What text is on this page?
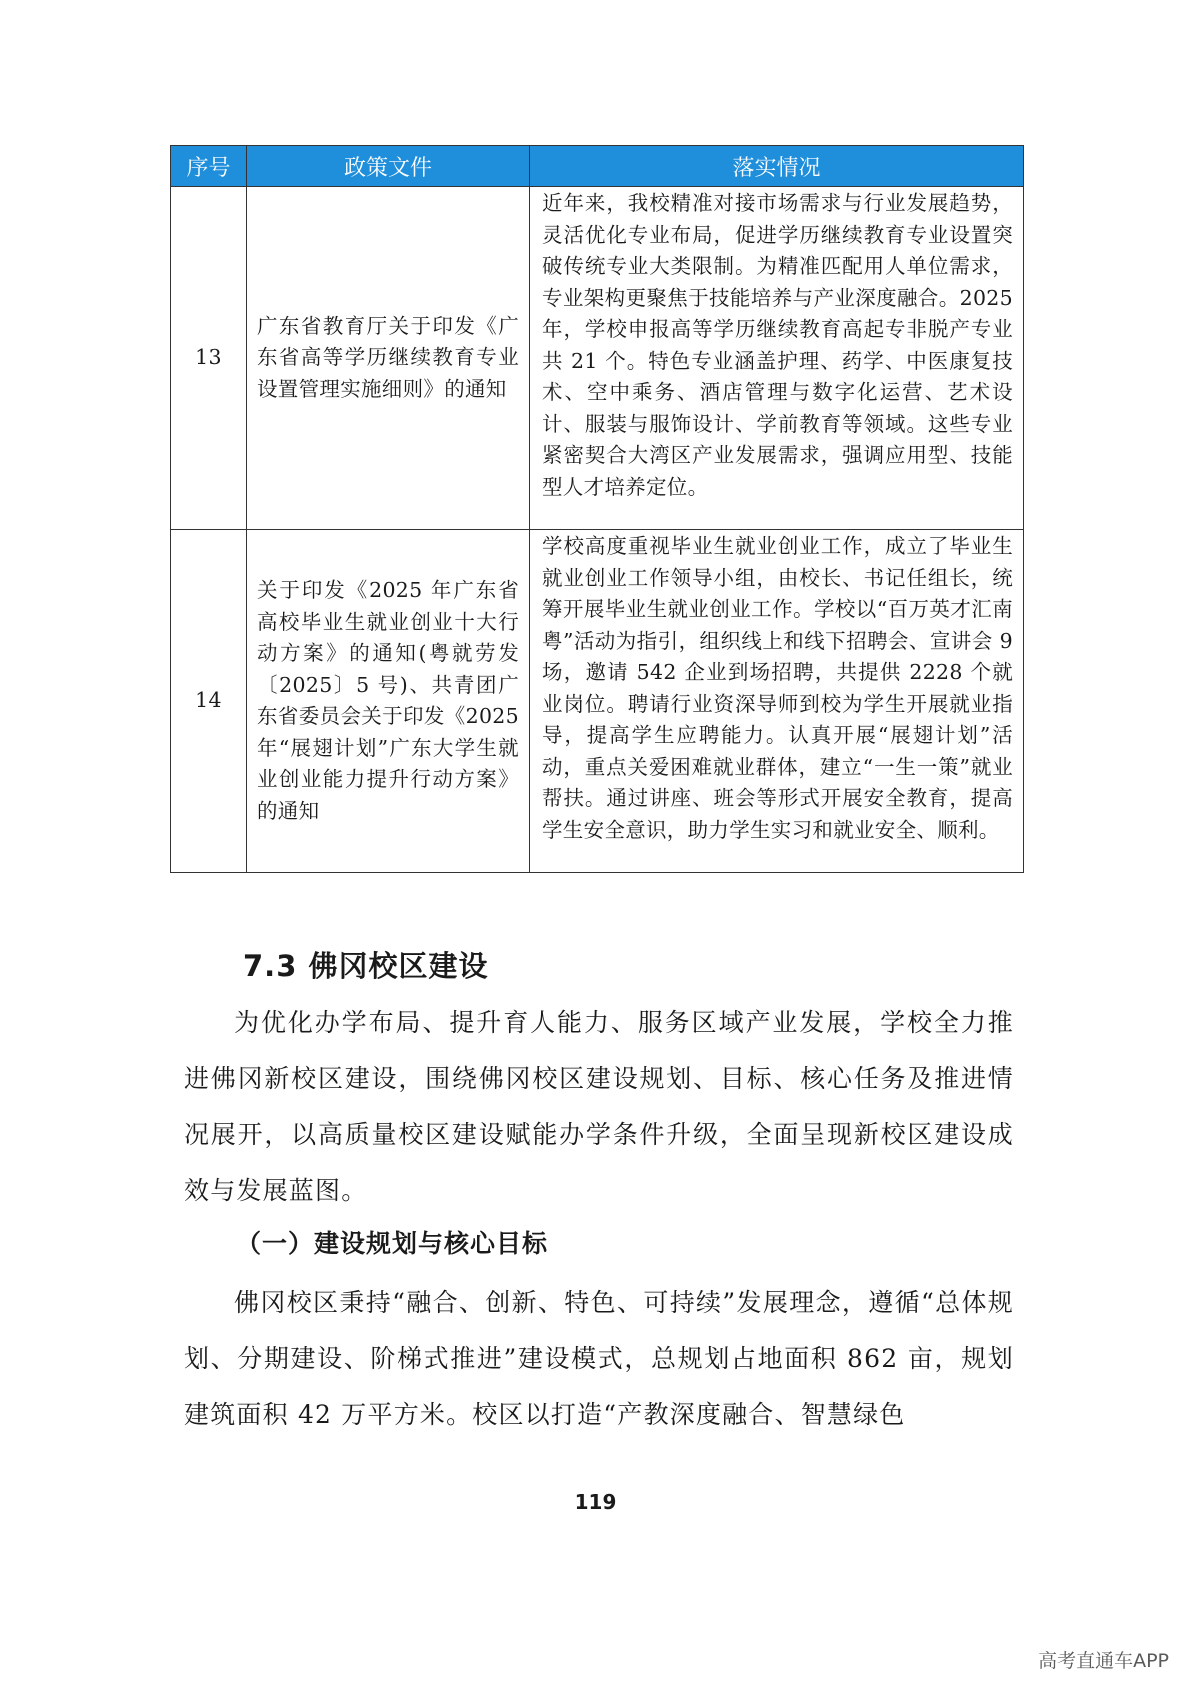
序号	政策文件	落实情况
13	广东省教育厅关于印发《广东省高等学历继续教育专业设置管理实施细则》的通知	近年来，我校精准对接市场需求与行业发展趋势，灵活优化专业布局，促进学历继续教育专业设置突破传统专业大类限制。为精准匹配用人单位需求，专业架构更聚焦于技能培养与产业深度融合。2025 年，学校申报高等学历继续教育高起专非脱产专业共 21 个。特色专业涵盖护理、药学、中医康复技术、空中乘务、酒店管理与数字化运营、艺术设计、服装与服饰设计、学前教育等领域。这些专业紧密契合大湾区产业发展需求，强调应用型、技能型人才培养定位。
14	关于印发《2025 年广东省高校毕业生就业创业十大行动方案》的通知(粤就劳发〔2025〕5 号)、共青团广东省委员会关于印发《2025 年“展翅计划”广东大学生就业创业能力提升行动方案》的通知	学校高度重视毕业生就业创业工作，成立了毕业生就业创业工作领导小组，由校长、书记任组长，统筹开展毕业生就业创业工作。学校以“百万英才汇南粤”活动为指引，组织线上和线下招聘会、宣讲会 9 场，邀请 542 企业到场招聘，共提供 2228 个就业岗位。聘请行业资深导师到校为学生开展就业指导，提高学生应聘能力。认真开展“展翅计划”活动，重点关爱困难就业群体，建立“一生一策”就业帮扶。通过讲座、班会等形式开展安全教育，提高学生安全意识，助力学生实习和就业安全、顺利。
7.3 佛冈校区建设

为优化办学布局、提升育人能力、服务区域产业发展，学校全力推进佛冈新校区建设，围绕佛冈校区建设规划、目标、核心任务及推进情况展开，以高质量校区建设赋能办学条件升级，全面呈现新校区建设成效与发展蓝图。

（一）建设规划与核心目标

佛冈校区秉持“融合、创新、特色、可持续”发展理念，遵循“总体规划、分期建设、阶梯式推进”建设模式，总规划占地面积 862 亩，规划建筑面积 42 万平方米。校区以打造“产教深度融合、智慧绿色

119
高考直通车APP
